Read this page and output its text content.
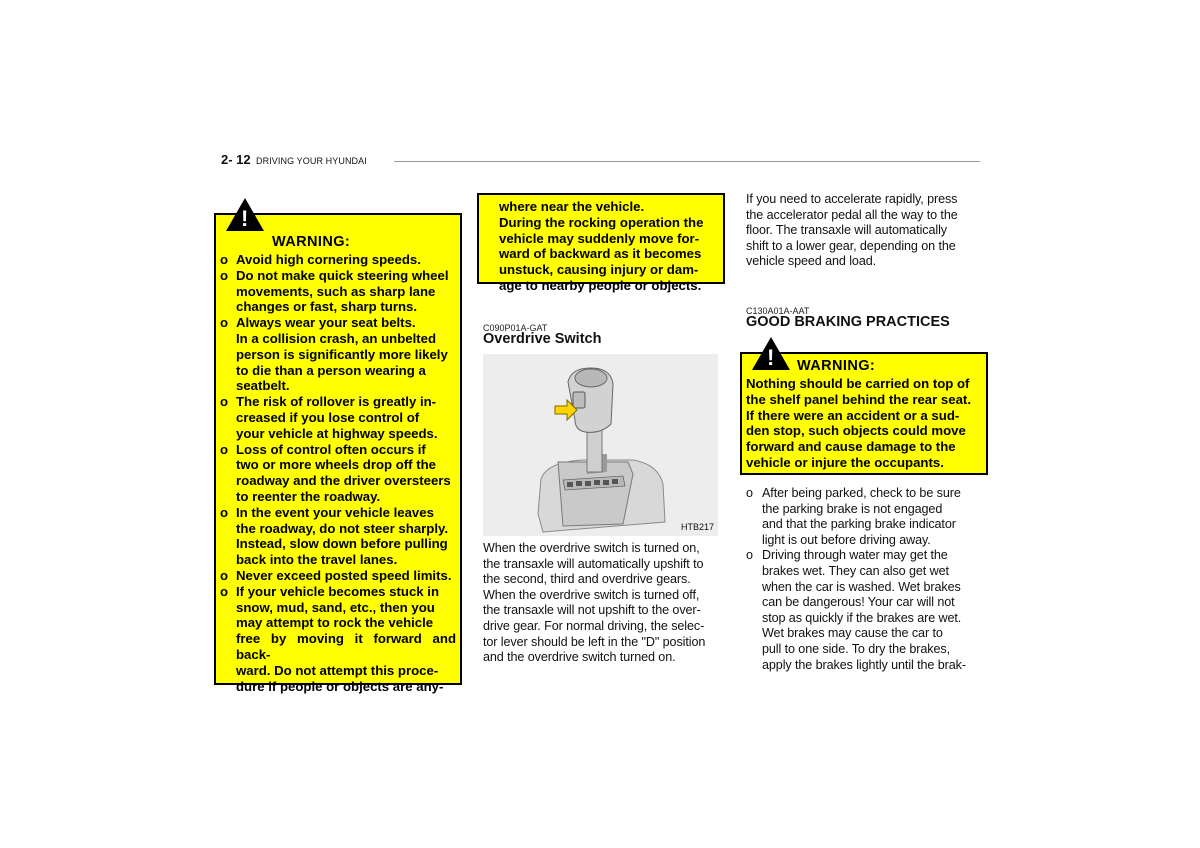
2- 12 DRIVING YOUR HYUNDAI
!
WARNING:
o Avoid high cornering speeds.
o Do not make quick steering wheel
movements, such as sharp lane
changes or fast, sharp turns.
o Always wear your seat belts.
In a collision crash, an unbelted
person is significantly more likely
to die than a person wearing a
seatbelt.
o The risk of rollover is greatly in-
creased if you lose control of
your vehicle at highway speeds.
o Loss of control often occurs if
two or more wheels drop off the
roadway and the driver oversteers
to reenter the roadway.
o In the event your vehicle leaves
the roadway, do not steer sharply.
Instead, slow down before pulling
back into the travel lanes.
o Never exceed posted speed limits.
o If your vehicle becomes stuck in
snow, mud, sand, etc., then you
may attempt to rock the vehicle
free by moving it forward and back-
ward. Do not attempt this proce-
dure if people or objects are any-
where near the vehicle.
During the rocking operation the
vehicle may suddenly move for-
ward of backward as it becomes
unstuck, causing injury or dam-
age to nearby people or objects.
C090P01A-GAT
Overdrive Switch
HTB217
When the overdrive switch is turned on,
the transaxle will automatically upshift to
the second, third and overdrive gears.
When the overdrive switch is turned off,
the transaxle will not upshift to the over-
drive gear. For normal driving, the selec-
tor lever should be left in the "D" position
and the overdrive switch turned on.
If you need to accelerate rapidly, press
the accelerator pedal all the way to the
floor. The transaxle will automatically
shift to a lower gear, depending on the
vehicle speed and load.
C130A01A-AAT
GOOD BRAKING PRACTICES
! WARNING:
Nothing should be carried on top of
the shelf panel behind the rear seat.
If there were an accident or a sud-
den stop, such objects could move
forward and cause damage to the
vehicle or injure the occupants.
o After being parked, check to be sure
the parking brake is not engaged
and that the parking brake indicator
light is out before driving away.
o Driving through water may get the
brakes wet. They can also get wet
when the car is washed. Wet brakes
can be dangerous! Your car will not
stop as quickly if the brakes are wet.
Wet brakes may cause the car to
pull to one side. To dry the brakes,
apply the brakes lightly until the brak-
